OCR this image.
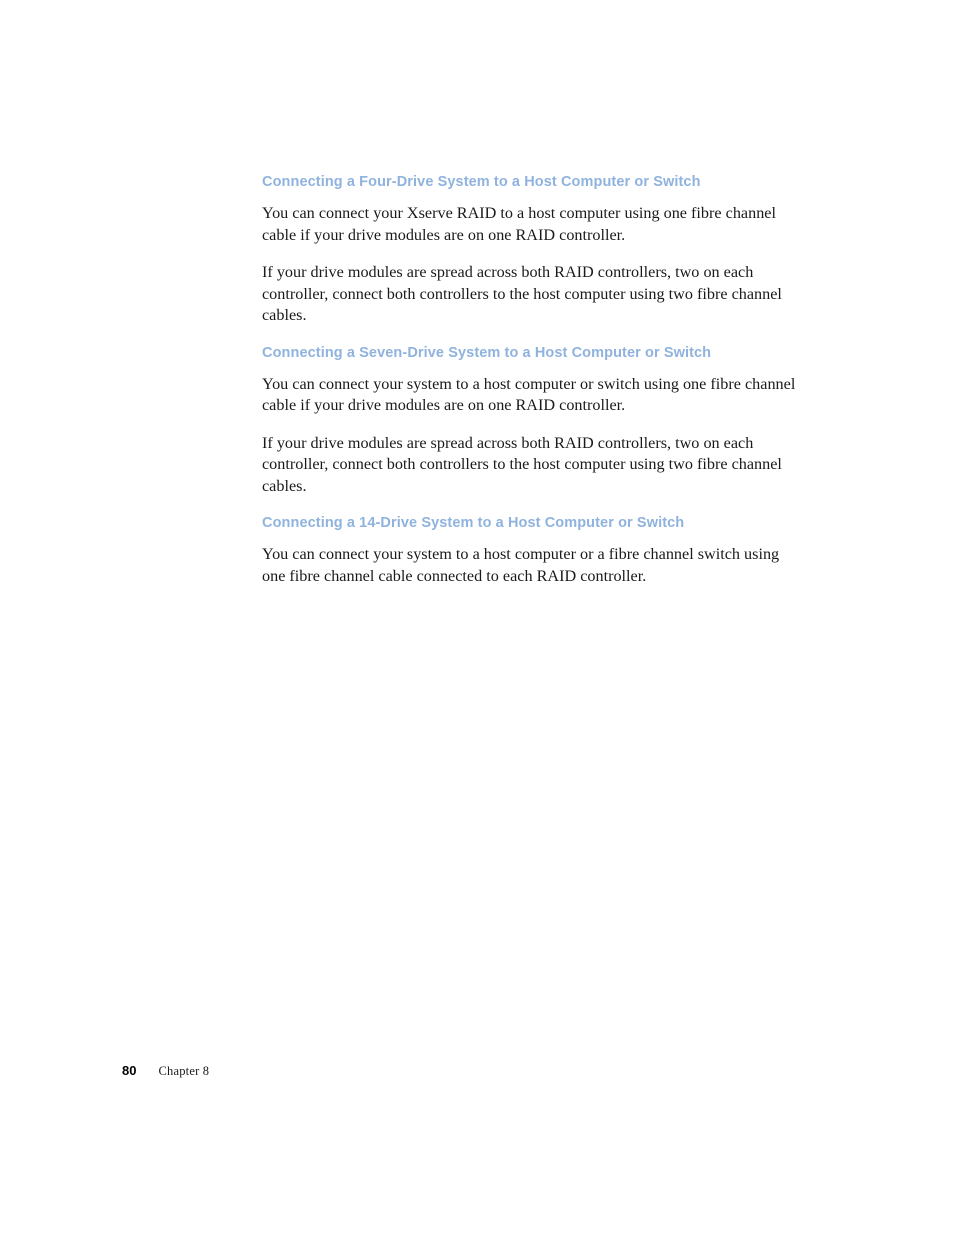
Connecting a Four-Drive System to a Host Computer or Switch

You can connect your Xserve RAID to a host computer using one fibre channel cable if your drive modules are on one RAID controller.

If your drive modules are spread across both RAID controllers, two on each controller, connect both controllers to the host computer using two fibre channel cables.

Connecting a Seven-Drive System to a Host Computer or Switch

You can connect your system to a host computer or switch using one fibre channel cable if your drive modules are on one RAID controller.

If your drive modules are spread across both RAID controllers, two on each controller, connect both controllers to the host computer using two fibre channel cables.

Connecting a 14-Drive System to a Host Computer or Switch

You can connect your system to a host computer or a fibre channel switch using one fibre channel cable connected to each RAID controller.

80 Chapter 8
